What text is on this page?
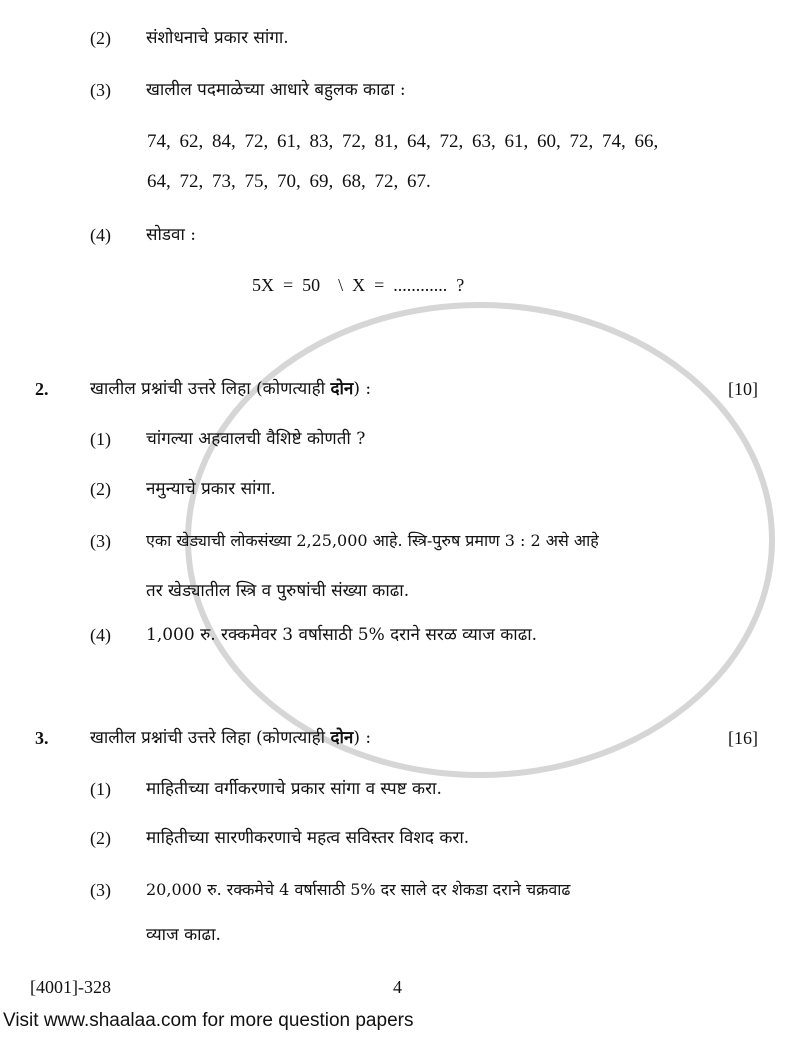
(2) संशोधनाचे प्रकार सांगा.
(3) खालील पदमाळेच्या आधारे बहुलक काढा :
74, 62, 84, 72, 61, 83, 72, 81, 64, 72, 63, 61, 60, 72, 74, 66,
64, 72, 73, 75, 70, 69, 68, 72, 67.
(4) सोडवा :
5X  =  50    \  X  =  ............  ?
2. खालील प्रश्नांची उत्तरे लिहा (कोणत्याही दोन) :	[10]
(1) चांगल्या अहवालची वैशिष्टे कोणती ?
(2) नमुन्याचे प्रकार सांगा.
(3) एका खेड्याची लोकसंख्या 2,25,000 आहे. स्त्रि-पुरुष प्रमाण 3 : 2 असे आहे
तर खेड्यातील स्त्रि व पुरुषांची संख्या काढा.
(4) 1,000 रु. रक्कमेवर 3 वर्षासाठी 5% दराने सरळ व्याज काढा.
3. खालील प्रश्नांची उत्तरे लिहा (कोणत्याही दोन) :	[16]
(1) माहितीच्या वर्गीकरणाचे प्रकार सांगा व स्पष्ट करा.
(2) माहितीच्या सारणीकरणाचे महत्व सविस्तर विशद करा.
(3) 20,000 रु. रक्कमेचे 4 वर्षासाठी 5% दर साले दर शेकडा दराने चक्रवाढ
व्याज काढा.
[4001]-328	4
Visit www.shaalaa.com for more question papers
